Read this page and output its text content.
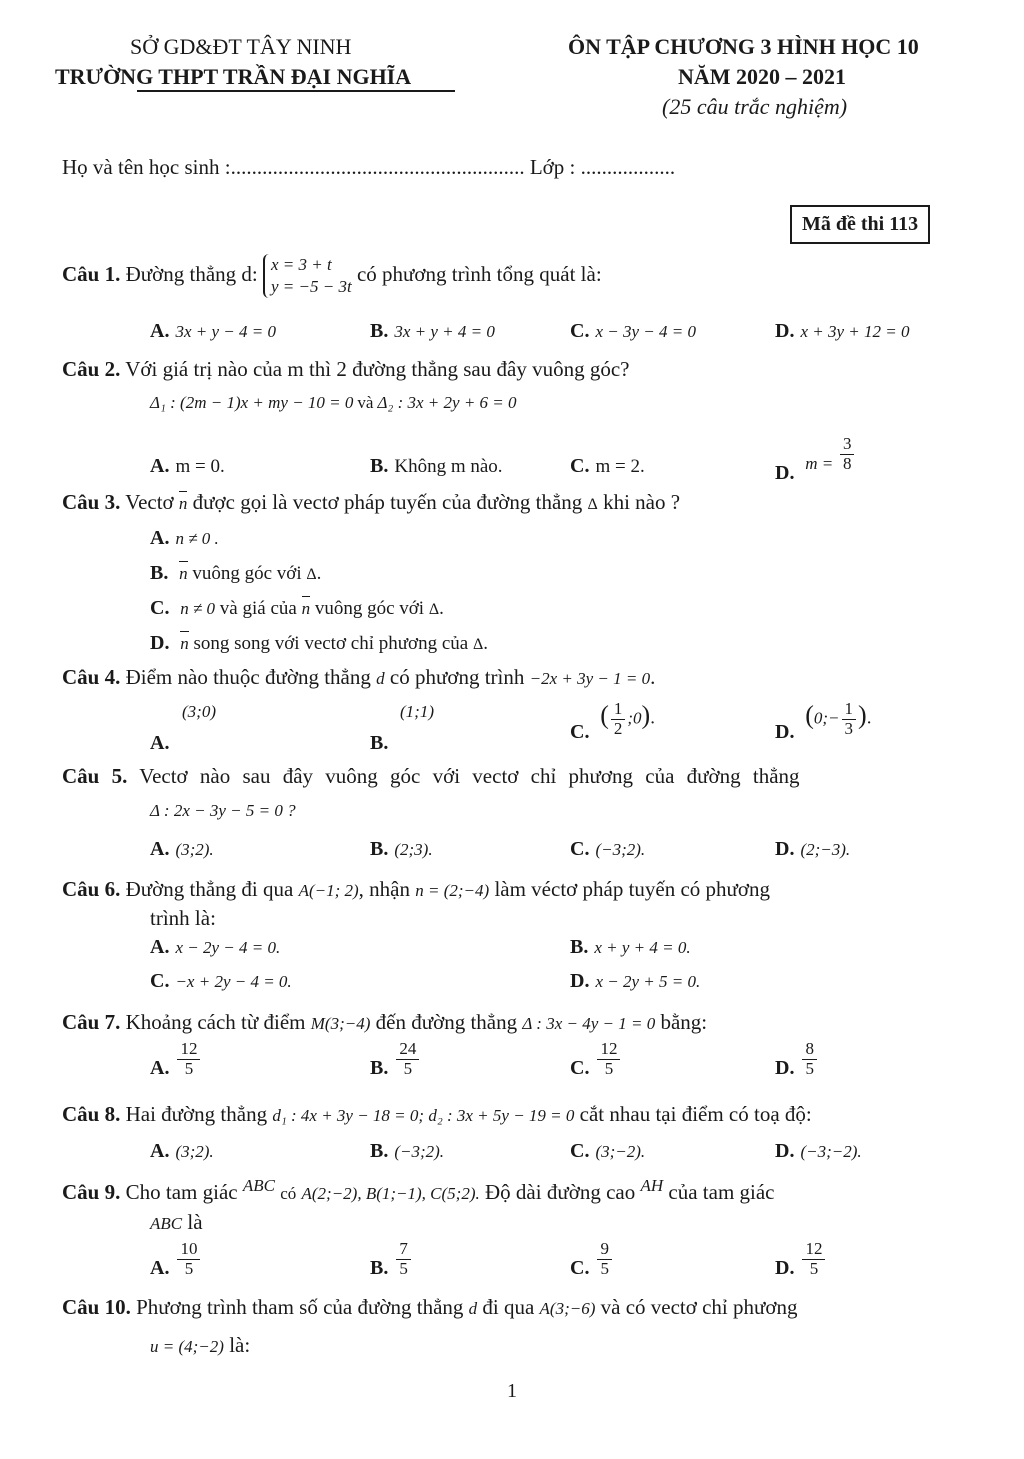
SỞ GD&ĐT TÂY NINH
TRƯỜNG THPT TRẦN ĐẠI NGHĨA
ÔN TẬP CHƯƠNG 3 HÌNH HỌC 10
NĂM 2020 – 2021
(25 câu trắc nghiệm)
Họ và tên học sinh :........................................................ Lớp : ..................
Mã đề thi 113
Câu 1. Đường thẳng d: x = 3 + t
y = −5 − 3t
có phương trình tổng quát là:
A. 3x + y − 4 = 0	B. 3x + y + 4 = 0	C. x − 3y − 4 = 0	D. x + 3y + 12 = 0
Câu 2. Với giá trị nào của m thì 2 đường thẳng sau đây vuông góc?
Δ₁ : (2m − 1)x + my − 10 = 0 và Δ₂ : 3x + 2y + 6 = 0
A. m = 0.	B. Không m nào.	C. m = 2.	D. $m = \frac{3}{8}$
Câu 3. Vectơ n được gọi là vectơ pháp tuyến của đường thẳng Δ khi nào ?
A. n ≠ 0 .
B. n vuông góc với Δ.
C. n ≠ 0 và giá của n vuông góc với Δ.
D. n song song với vectơ chỉ phương của Δ.
Câu 4. Điểm nào thuộc đường thẳng d có phương trình −2x + 3y − 1 = 0.
(3;0)
A.
(1;1)
B.
C. ( $\frac{1}{2}$ ;0).
D. (0;− $\frac{1}{3}$ ).
Câu 5. Vectơ nào sau đây vuông góc với vectơ chỉ phương của đường thẳng
Δ : 2x − 3y − 5 = 0 ?
A. (3;2).	B. (2;3).	C. (−3;2).	D. (2;−3).
Câu 6. Đường thẳng đi qua A(−1; 2), nhận n = (2;−4) làm véctơ pháp tuyến có phương
trình là:
A. x − 2y − 4 = 0.	B. x + y + 4 = 0.
C. −x + 2y − 4 = 0.	D. x − 2y + 5 = 0.
Câu 7. Khoảng cách từ điểm M(3;−4) đến đường thẳng Δ : 3x − 4y − 1 = 0 bằng:
A. $\frac{12}{5}$	B. $\frac{24}{5}$	C. $\frac{12}{5}$	D. $\frac{8}{5}$
Câu 8. Hai đường thẳng d₁ : 4x + 3y − 18 = 0; d₂ : 3x + 5y − 19 = 0 cắt nhau tại điểm có toạ độ:
A. (3;2).	B. (−3;2).	C. (3;−2).	D. (−3;−2).
Câu 9. Cho tam giác $^{ABC}$ có A(2;−2), B(1;−1), C(5;2). Độ dài đường cao $^{AH}$ của tam giác
ABC là
A. $\frac{10}{5}$	B. $\frac{7}{5}$	C. $\frac{9}{5}$	D. $\frac{12}{5}$
Câu 10. Phương trình tham số của đường thẳng d đi qua A(3;−6) và có vectơ chỉ phương
u = (4;−2) là:
1
